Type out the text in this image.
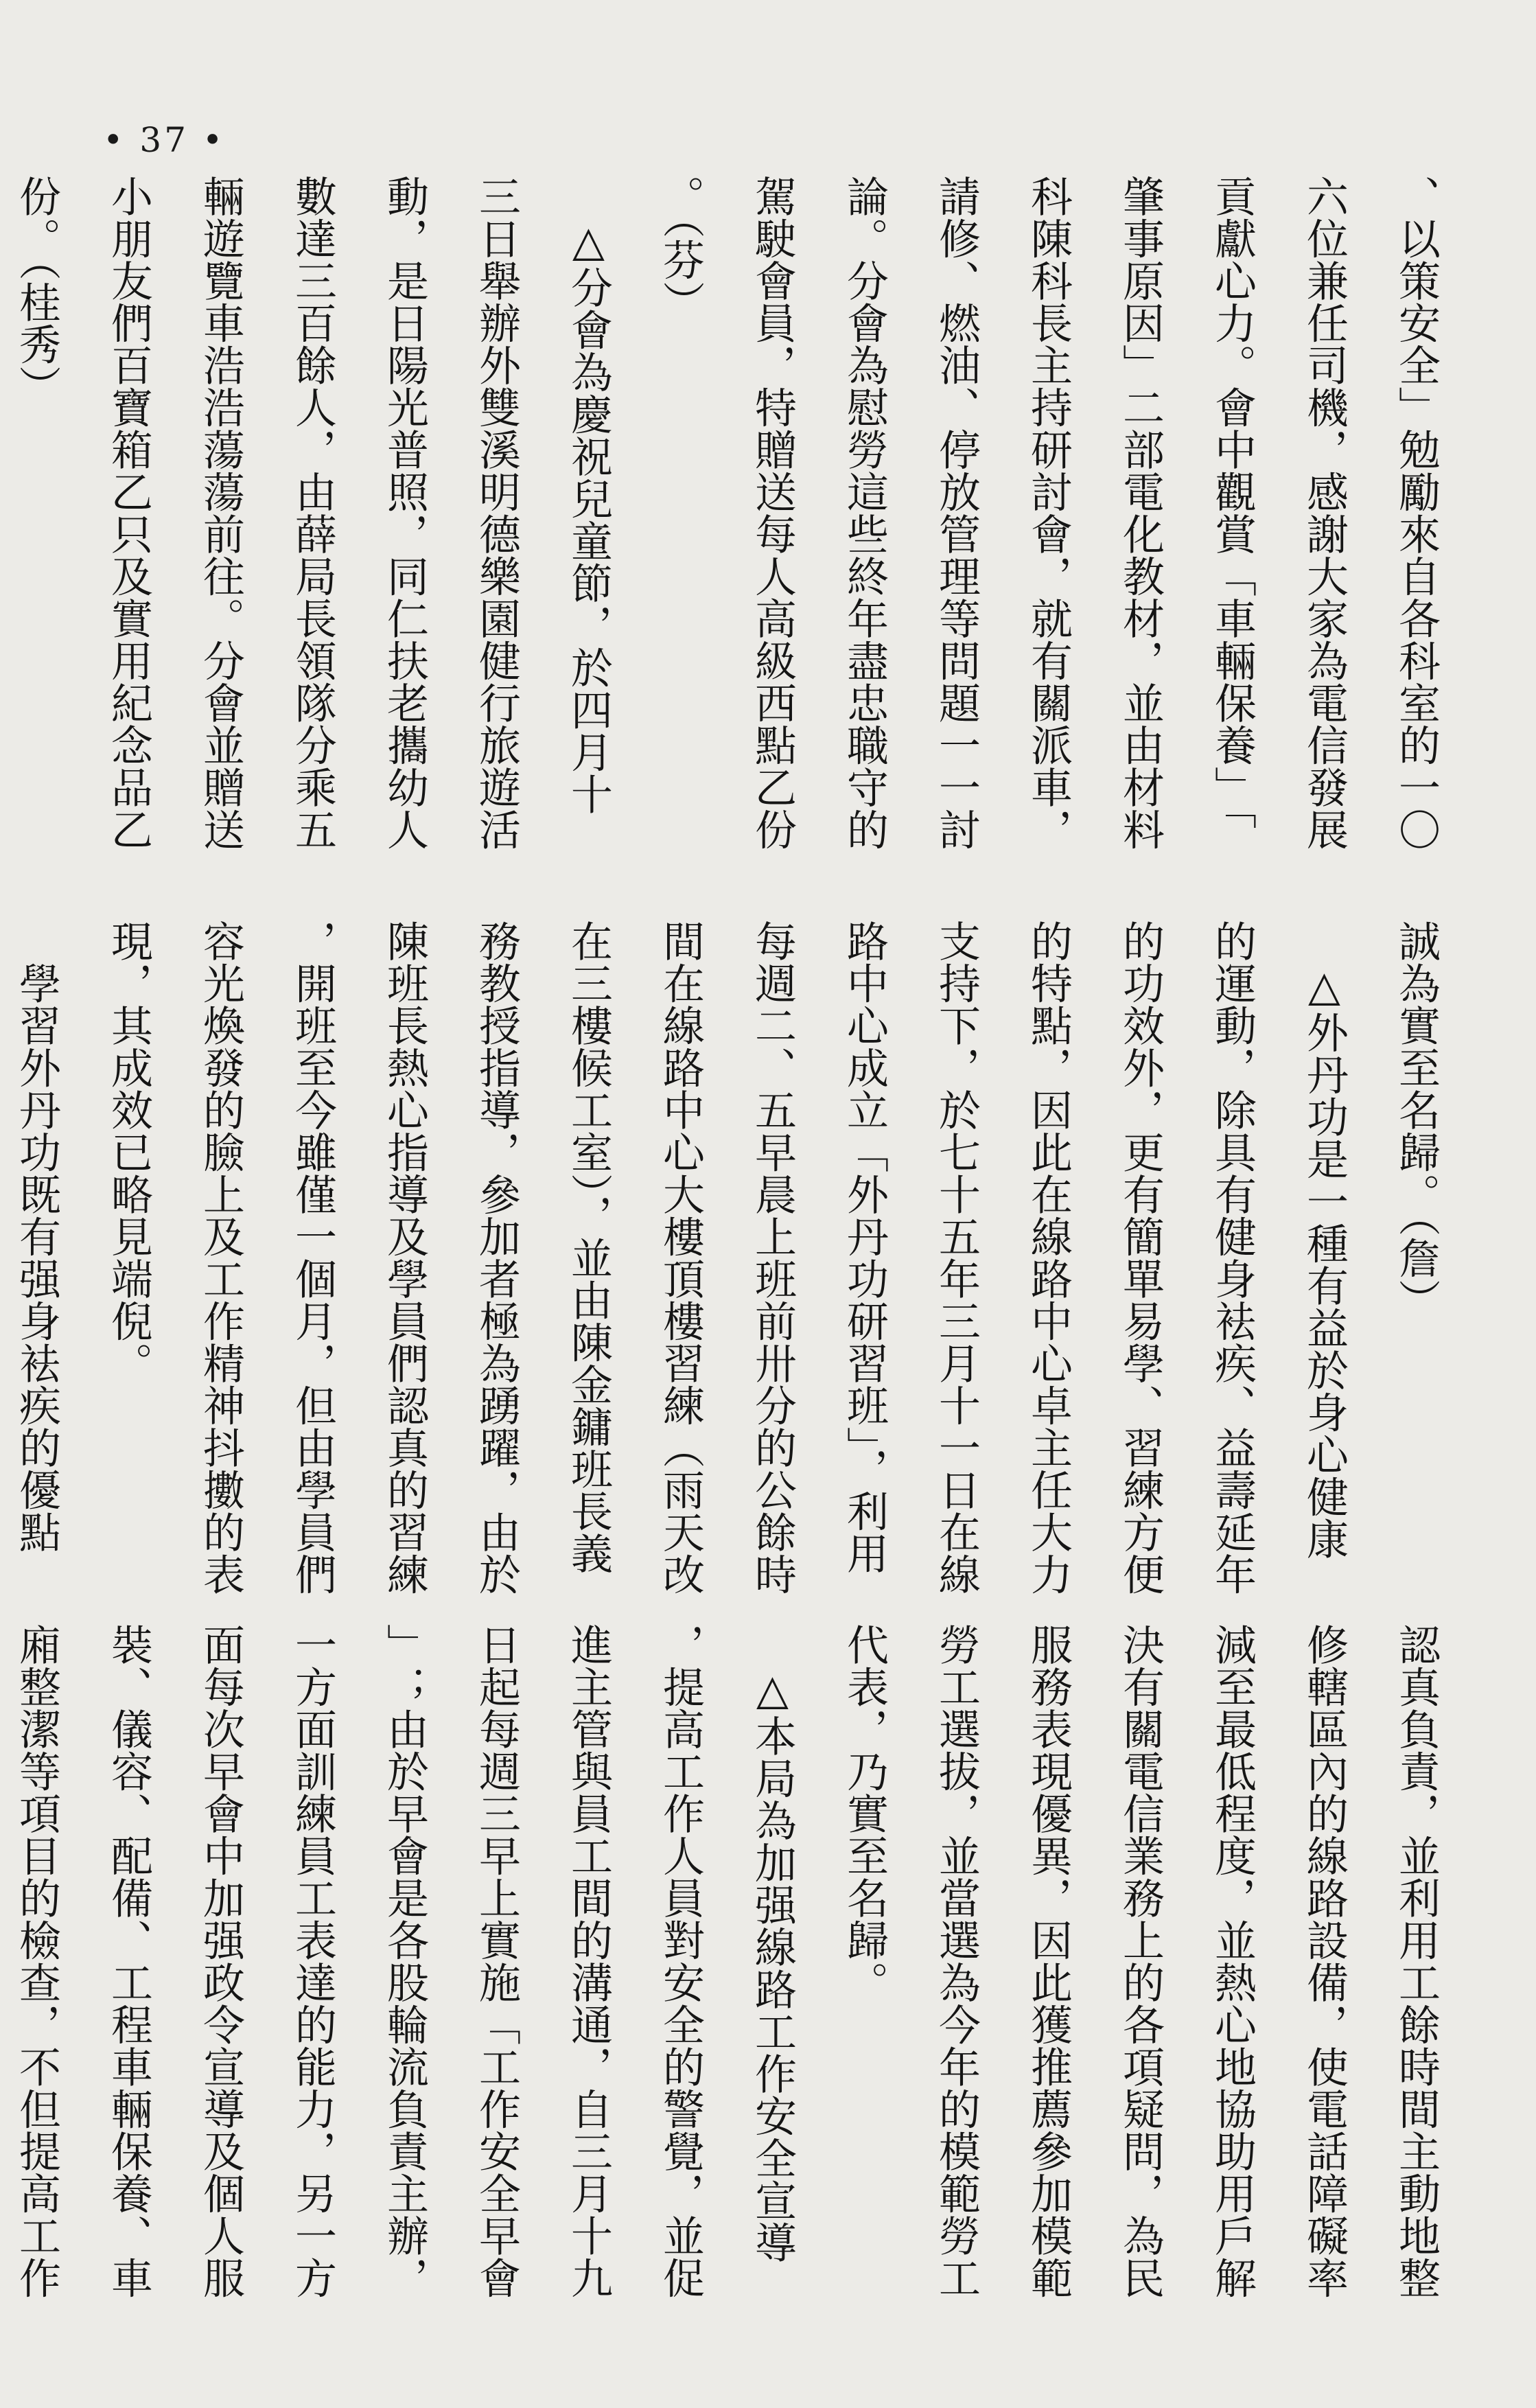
• 37 •
、以策安全」勉勵來自各科室的一〇
六位兼任司機，感謝大家為電信發展
貢獻心力。會中觀賞「車輛保養」「
肇事原因」二部電化教材，並由材料
科陳科長主持研討會，就有關派車，
請修、燃油、停放管理等問題一一討
論。分會為慰勞這些終年盡忠職守的
駕駛會員，特贈送每人高級西點乙份
。（芬）
　△分會為慶祝兒童節，於四月十
三日舉辦外雙溪明德樂園健行旅遊活
動，是日陽光普照，同仁扶老攜幼人
數達三百餘人，由薛局長領隊分乘五
輛遊覽車浩浩蕩蕩前往。分會並贈送
小朋友們百寶箱乙只及實用紀念品乙
份。（桂秀）
誠為實至名歸。（詹）
　△外丹功是一種有益於身心健康
的運動，除具有健身袪疾、益壽延年
的功效外，更有簡單易學、習練方便
的特點，因此在線路中心卓主任大力
支持下，於七十五年三月十一日在線
路中心成立「外丹功研習班」，利用
每週二、五早晨上班前卅分的公餘時
間在線路中心大樓頂樓習練（雨天改
在三樓候工室），並由陳金鏞班長義
務教授指導，參加者極為踴躍，由於
陳班長熱心指導及學員們認真的習練
，開班至今雖僅一個月，但由學員們
容光煥發的臉上及工作精神抖擻的表
現，其成效已略見端倪。
　學習外丹功既有强身袪疾的優點
認真負責，並利用工餘時間主動地整
修轄區內的線路設備，使電話障礙率
減至最低程度，並熱心地協助用戶解
決有關電信業務上的各項疑問，為民
服務表現優異，因此獲推薦參加模範
勞工選拔，並當選為今年的模範勞工
代表，乃實至名歸。
　△本局為加强線路工作安全宣導
，提高工作人員對安全的警覺，並促
進主管與員工間的溝通，自三月十九
日起每週三早上實施「工作安全早會
」；由於早會是各股輪流負責主辦，
一方面訓練員工表達的能力，另一方
面每次早會中加强政令宣導及個人服
裝、儀容、配備、工程車輛保養、車
廂整潔等項目的檢查，不但提高工作
